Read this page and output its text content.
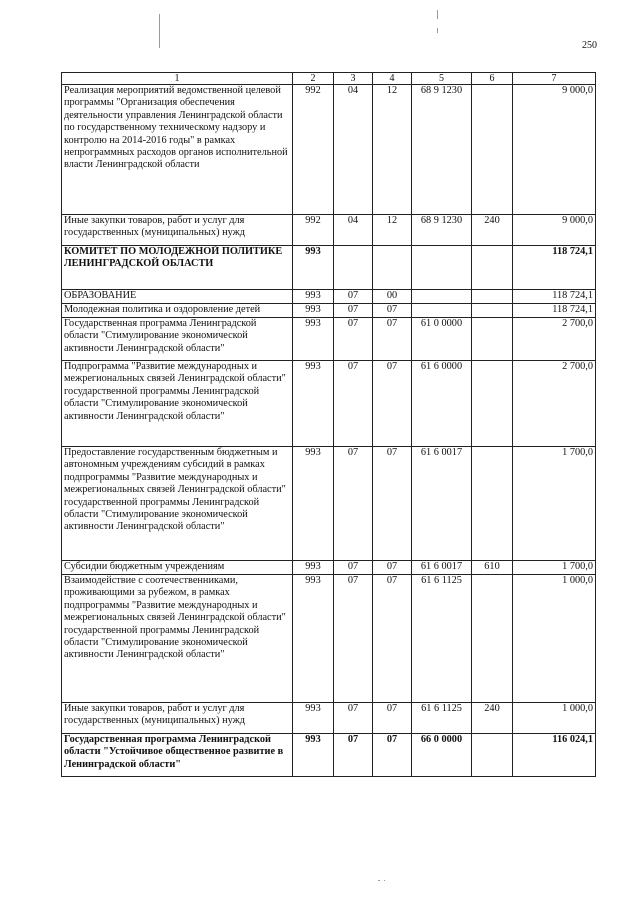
250
1	2	3	4	5	6	7
Реализация мероприятий ведомственной целевой программы "Организация обеспечения деятельности управления Ленинградской области по государственному техническому надзору и контролю на 2014-2016 годы" в рамках непрограммных расходов органов исполнительной власти Ленинградской области	992	04	12	68 9 1230		9 000,0
Иные закупки товаров, работ и услуг для государственных (муниципальных) нужд	992	04	12	68 9 1230	240	9 000,0
КОМИТЕТ ПО МОЛОДЕЖНОЙ ПОЛИТИКЕ ЛЕНИНГРАДСКОЙ ОБЛАСТИ	993					118 724,1
ОБРАЗОВАНИЕ	993	07	00			118 724,1
Молодежная политика и оздоровление детей	993	07	07			118 724,1
Государственная программа Ленинградской области "Стимулирование экономической активности Ленинградской области"	993	07	07	61 0 0000		2 700,0
Подпрограмма "Развитие международных и межрегиональных связей Ленинградской области" государственной программы Ленинградской области "Стимулирование экономической активности Ленинградской области"	993	07	07	61 6 0000		2 700,0
Предоставление государственным бюджетным и автономным учреждениям субсидий в рамках подпрограммы "Развитие международных и межрегиональных связей Ленинградской области" государственной программы Ленинградской области "Стимулирование экономической активности Ленинградской области"	993	07	07	61 6 0017		1 700,0
Субсидии бюджетным учреждениям	993	07	07	61 6 0017	610	1 700,0
Взаимодействие с соотечественниками, проживающими за рубежом, в рамках подпрограммы "Развитие международных и межрегиональных связей Ленинградской области" государственной программы Ленинградской области "Стимулирование экономической активности Ленинградской области"	993	07	07	61 6 1125		1 000,0
Иные закупки товаров, работ и услуг для государственных (муниципальных) нужд	993	07	07	61 6 1125	240	1 000,0
Государственная программа Ленинградской области "Устойчивое общественное развитие в Ленинградской области"	993	07	07	66 0 0000		116 024,1
